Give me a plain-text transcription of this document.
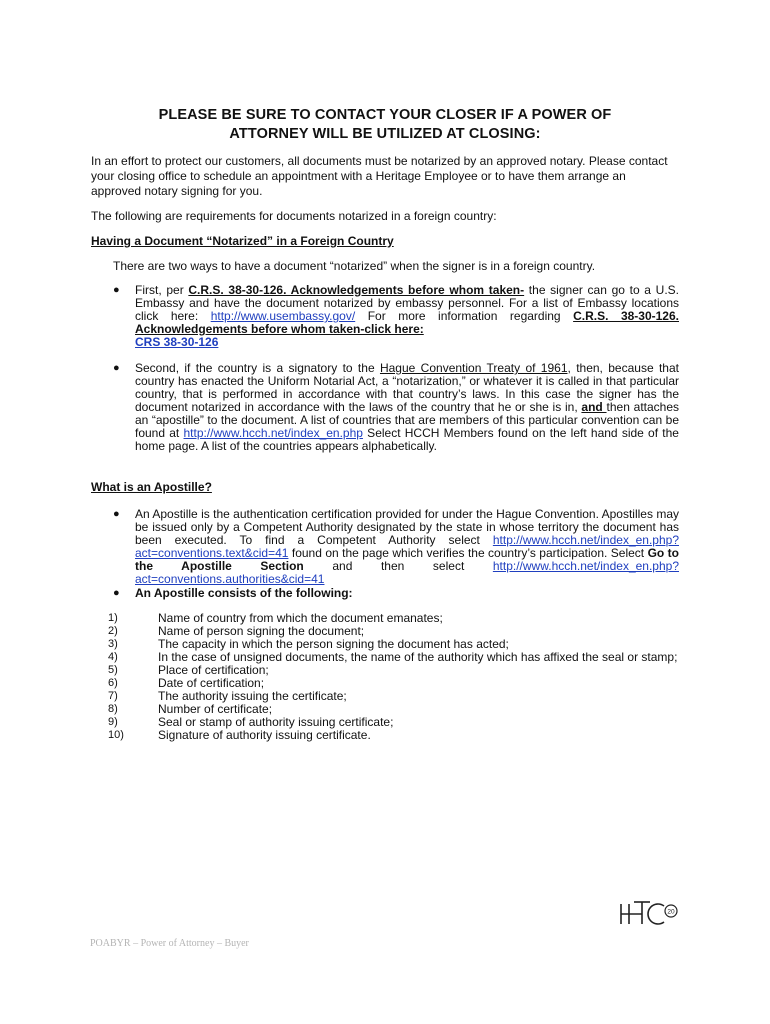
PLEASE BE SURE TO CONTACT YOUR CLOSER IF A POWER OF
ATTORNEY WILL BE UTILIZED AT CLOSING:

In an effort to protect our customers, all documents must be notarized by an approved notary. Please contact your closing office to schedule an appointment with a Heritage Employee or to have them arrange an approved notary signing for you.

The following are requirements for documents notarized in a foreign country:

Having a Document “Notarized” in a Foreign Country

There are two ways to have a document “notarized” when the signer is in a foreign country.

● First, per C.R.S. 38-30-126. Acknowledgements before whom taken- the signer can go to a U.S. Embassy and have the document notarized by embassy personnel. For a list of Embassy locations click here: http://www.usembassy.gov/ For more information regarding C.R.S. 38-30-126. Acknowledgements before whom taken-click here:
CRS 38-30-126
● Second, if the country is a signatory to the Hague Convention Treaty of 1961, then, because that country has enacted the Uniform Notarial Act, a “notarization,” or whatever it is called in that particular country, that is performed in accordance with that country’s laws. In this case the signer has the document notarized in accordance with the laws of the country that he or she is in, and then attaches an “apostille” to the document. A list of countries that are members of this particular convention can be found at http://www.hcch.net/index_en.php Select HCCH Members found on the left hand side of the home page. A list of the countries appears alphabetically.

What is an Apostille?

● An Apostille is the authentication certification provided for under the Hague Convention. Apostilles may be issued only by a Competent Authority designated by the state in whose territory the document has been executed. To find a Competent Authority select http://www.hcch.net/index_en.php?act=conventions.text&cid=41 found on the page which verifies the country’s participation. Select Go to the Apostille Section and then select http://www.hcch.net/index_en.php?act=conventions.authorities&cid=41
● An Apostille consists of the following:
1)	Name of country from which the document emanates;
2)	Name of person signing the document;
3)	The capacity in which the person signing the document has acted;
4)	In the case of unsigned documents, the name of the authority which has affixed the seal or stamp;
5)	Place of certification;
6)	Date of certification;
7)	The authority issuing the certificate;
8)	Number of certificate;
9)	Seal or stamp of authority issuing certificate;
10)	Signature of authority issuing certificate.
20
POABYR – Power of Attorney – Buyer
